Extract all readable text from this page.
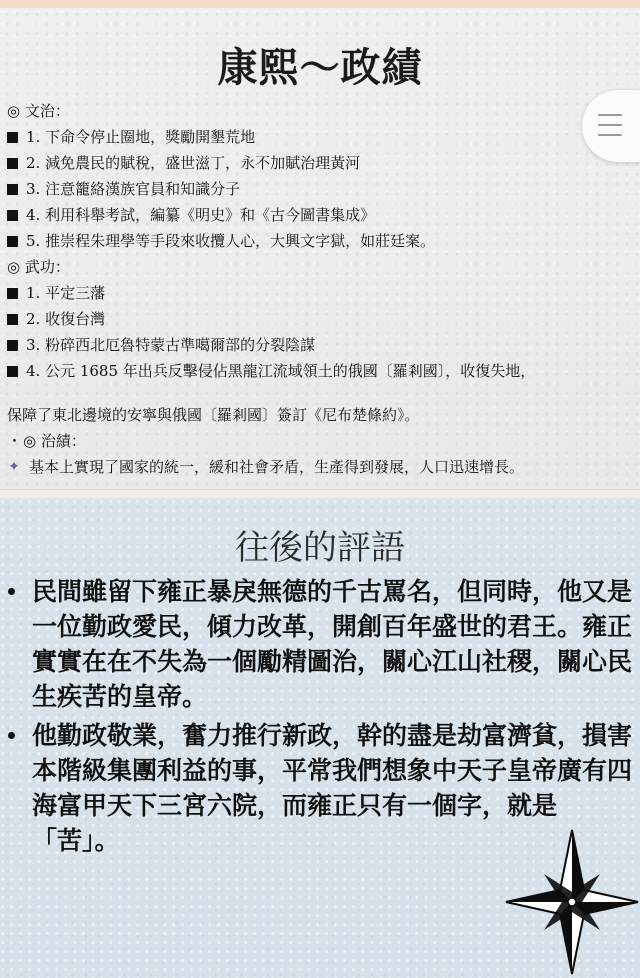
康熙～政績
◎ 文治：
1. 下命令停止圈地，獎勵開墾荒地
2. 減免農民的賦稅，盛世滋丁，永不加賦治理黃河
3. 注意籠絡漢族官員和知識分子
4. 利用科舉考試，編纂《明史》和《古今圖書集成》
5. 推崇程朱理學等手段來收攬人心，大興文字獄，如莊廷案。
◎ 武功：
1. 平定三藩
2. 收復台灣
3. 粉碎西北厄魯特蒙古準噶爾部的分裂陰謀
4. 公元 1685 年出兵反擊侵佔黑龍江流域領土的俄國〔羅剎國〕，收復失地，
保障了東北邊境的安寧與俄國〔羅剎國〕簽訂《尼布楚條約》。
・ ◎ 治績：
✦ 基本上實現了國家的統一，緩和社會矛盾，生產得到發展，人口迅速增長。
往後的評語
民間雖留下雍正暴戾無德的千古罵名，但同時，他又是一位勤政愛民，傾力改革，開創百年盛世的君王。雍正實實在在不失為一個勵精圖治，關心江山社稷，關心民生疾苦的皇帝。
他勤政敬業，奮力推行新政，幹的盡是劫富濟貧，損害本階級集團利益的事，平常我們想象中天子皇帝廣有四海富甲天下三宮六院，而雍正只有一個字，就是「苦」。
